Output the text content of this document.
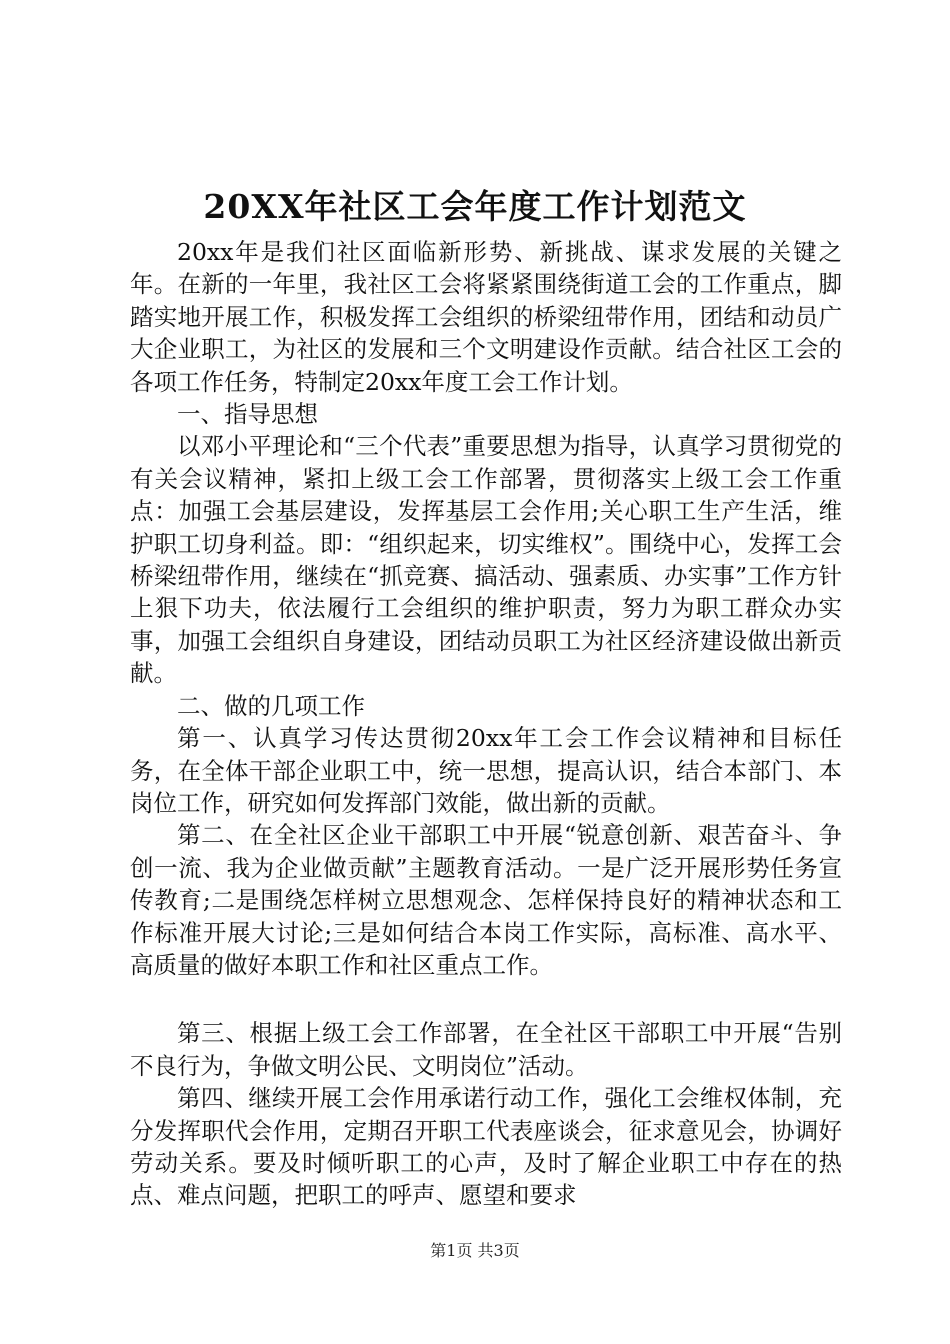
20XX年社区工会年度工作计划范文

20xx年是我们社区面临新形势、新挑战、谋求发展的关键之年。在新的一年里，我社区工会将紧紧围绕街道工会的工作重点，脚踏实地开展工作，积极发挥工会组织的桥梁纽带作用，团结和动员广大企业职工，为社区的发展和三个文明建设作贡献。结合社区工会的各项工作任务，特制定20xx年度工会工作计划。

一、指导思想

以邓小平理论和“三个代表”重要思想为指导，认真学习贯彻党的有关会议精神，紧扣上级工会工作部署，贯彻落实上级工会工作重点：加强工会基层建设，发挥基层工会作用;关心职工生产生活，维护职工切身利益。即：“组织起来，切实维权”。围绕中心，发挥工会桥梁纽带作用，继续在“抓竞赛、搞活动、强素质、办实事”工作方针上狠下功夫，依法履行工会组织的维护职责，努力为职工群众办实事，加强工会组织自身建设，团结动员职工为社区经济建设做出新贡献。

二、做的几项工作

第一、认真学习传达贯彻20xx年工会工作会议精神和目标任务，在全体干部企业职工中，统一思想，提高认识，结合本部门、本岗位工作，研究如何发挥部门效能，做出新的贡献。

第二、在全社区企业干部职工中开展“锐意创新、艰苦奋斗、争创一流、我为企业做贡献”主题教育活动。一是广泛开展形势任务宣传教育;二是围绕怎样树立思想观念、怎样保持良好的精神状态和工作标准开展大讨论;三是如何结合本岗工作实际，高标准、高水平、高质量的做好本职工作和社区重点工作。

第三、根据上级工会工作部署，在全社区干部职工中开展“告别不良行为，争做文明公民、文明岗位”活动。

第四、继续开展工会作用承诺行动工作，强化工会维权体制，充分发挥职代会作用，定期召开职工代表座谈会，征求意见会，协调好劳动关系。要及时倾听职工的心声，及时了解企业职工中存在的热点、难点问题，把职工的呼声、愿望和要求

第1页 共3页
